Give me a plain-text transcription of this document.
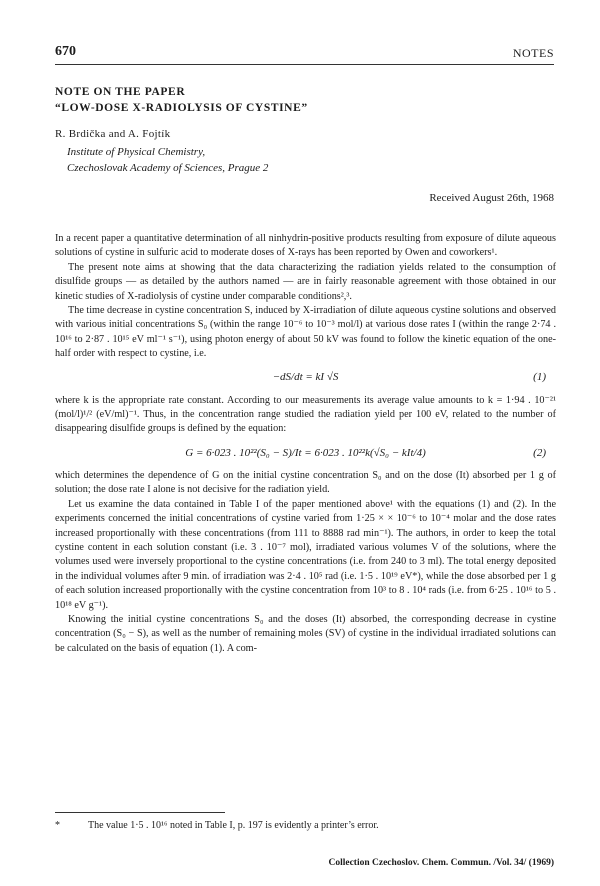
670	NOTES
NOTE ON THE PAPER
“LOW-DOSE X-RADIOLYSIS OF CYSTINE”
R. Brdička and A. Fojtík
Institute of Physical Chemistry,
Czechoslovak Academy of Sciences, Prague 2
Received August 26th, 1968

In a recent paper a quantitative determination of all ninhydrin-positive products resulting from exposure of dilute aqueous solutions of cystine in sulfuric acid to moderate doses of X-rays has been reported by Owen and coworkers¹.

The present note aims at showing that the data characterizing the radiation yields related to the consumption of disulfide groups — as detailed by the authors named — are in fairly reasonable agreement with those obtained in our kinetic studies of X-radiolysis of cystine under comparable conditions²,³.

The time decrease in cystine concentration S, induced by X-irradiation of dilute aqueous cystine solutions and observed with various initial concentrations S₀ (within the range 10⁻⁶ to 10⁻³ mol/l) at various dose rates I (within the range 2·74 . 10¹⁶ to 2·87 . 10¹⁵ eV ml⁻¹ s⁻¹), using photon energy of about 50 kV was found to follow the kinetic equation of the one-half order with respect to cystine, i.e.

−dS/dt = kI √S	(1)

where k is the appropriate rate constant. According to our measurements its average value amounts to k = 1·94 . 10⁻²¹ (mol/l)¹/² (eV/ml)⁻¹. Thus, in the concentration range studied the radiation yield per 100 eV, related to the number of disappearing disulfide groups is defined by the equation:

G = 6·023 . 10²²(S₀ − S)/It = 6·023 . 10²²k(√S₀ − kIt/4)	(2)

which determines the dependence of G on the initial cystine concentration S₀ and on the dose (It) absorbed per 1 g of solution; the dose rate I alone is not decisive for the radiation yield.

Let us examine the data contained in Table I of the paper mentioned above¹ with the equations (1) and (2). In the experiments concerned the initial concentrations of cystine varied from 1·25 × × 10⁻⁶ to 10⁻⁴ molar and the dose rates increased proportionally with these concentrations (from 111 to 8888 rad min⁻¹). The authors, in order to keep the total cystine content in each solution constant (i.e. 3 . 10⁻⁷ mol), irradiated various volumes V of the solutions, where the volumes used were inversely proportional to the cystine concentrations (i.e. from 240 to 3 ml). The total energy deposited in the individual volumes after 9 min. of irradiation was 2·4 . 10⁵ rad (i.e. 1·5 . 10¹⁹ eV*), while the dose absorbed per 1 g of each solution increased proportionally with the cystine concentration from 10³ to 8 . 10⁴ rads (i.e. from 6·25 . 10¹⁶ to 5 . 10¹⁸ eV g⁻¹).

Knowing the initial cystine concentrations S₀ and the doses (It) absorbed, the corresponding decrease in cystine concentration (S₀ − S), as well as the number of remaining moles (SV) of cystine in the individual irradiated solutions can be calculated on the basis of equation (1). A com-

*	The value 1·5 . 10¹⁶ noted in Table I, p. 197 is evidently a printer’s error.
Collection Czechoslov. Chem. Commun. /Vol. 34/ (1969)
